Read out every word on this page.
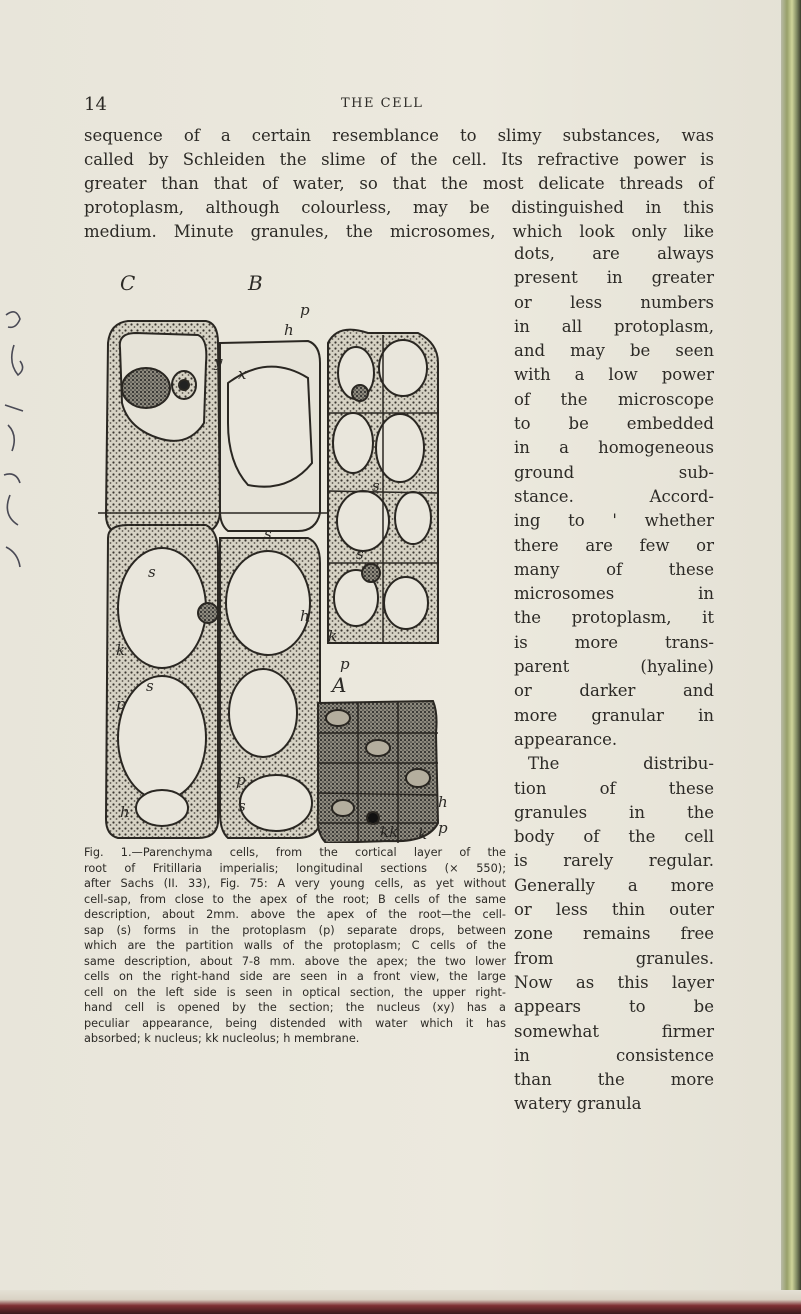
14	THE CELL
sequence of a certain resemblance to slimy substances, was
called by Schleiden the slime of the cell. Its refractive power is
greater than that of water, so that the most delicate threads of
protoplasm, although colourless, may be distinguished in this
medium. Minute granules, the microsomes, which look only like
dots, are always
present in greater
or less numbers
in all protoplasm,
and may be seen
with a low power
of the microscope
to be embedded
in a homogeneous
ground sub-
stance. Accord-
ing to ' whether
there are few or
many of these
microsomes in
the protoplasm, it
is more trans-
parent (hyaline)
or darker and
more granular in
appearance.
The distribu-
tion of these
granules in the
body of the cell
is rarely regular.
Generally a more
or less thin outer
zone remains free
from granules.
Now as this layer
appears to be
somewhat firmer
in consistence
than the more
watery granula
C	B
A
p
h
y
x
s
s
k
p
h
p
s
s
s
s
h
k
p
h
kk k p
Fig. 1.—Parenchyma cells, from the cortical layer of the
root of Fritillaria imperialis; longitudinal sections (× 550);
after Sachs (II. 33), Fig. 75: A very young cells, as yet without
cell-sap, from close to the apex of the root; B cells of the same
description, about 2mm. above the apex of the root—the cell-
sap (s) forms in the protoplasm (p) separate drops, between
which are the partition walls of the protoplasm; C cells of the
same description, about 7-8 mm. above the apex; the two lower
cells on the right-hand side are seen in a front view, the large
cell on the left side is seen in optical section, the upper right-
hand cell is opened by the section; the nucleus (xy) has a
peculiar appearance, being distended with water which it has
absorbed; k nucleus; kk nucleolus; h membrane.
